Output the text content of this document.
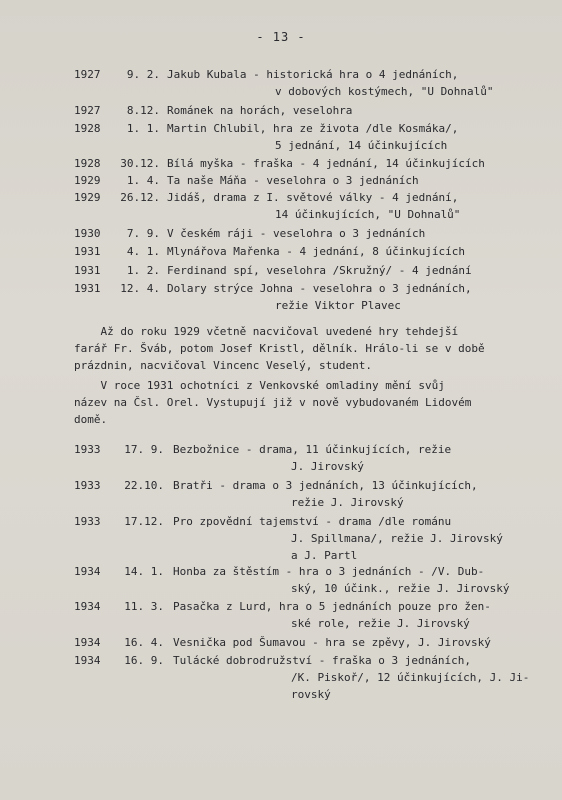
- 13 -
1927	9. 2. Jakub Kubala - historická hra o 4 jednáních,
v dobových kostýmech, "U Dohnalů"
1927	8.12. Románek na horách, veselohra
1928	1. 1. Martin Chlubil, hra ze života /dle Kosmáka/,
5 jednání, 14 účinkujících
1928	30.12. Bílá myška - fraška - 4 jednání, 14 účinkujících
1929	1. 4. Ta naše Máňa - veselohra o 3 jednáních
1929	26.12. Jidáš, drama z I. světové války - 4 jednání,
14 účinkujících, "U Dohnalů"
1930	7. 9. V českém ráji - veselohra o 3 jednáních
1931	4. 1. Mlynářova Mařenka - 4 jednání, 8 účinkujících
1931	1. 2. Ferdinand spí, veselohra /Skružný/ - 4 jednání
1931	12. 4. Dolary strýce Johna - veselohra o 3 jednáních,
režie Viktor Plavec
Až do roku 1929 včetně nacvičoval uvedené hry tehdejší
farář Fr. Šváb, potom Josef Kristl, dělník. Hrálo-li se v době
prázdnin, nacvičoval Vincenc Veselý, student.
V roce 1931 ochotníci z Venkovské omladiny mění svůj
název na Čsl. Orel. Vystupují již v nově vybudovaném Lidovém
domě.
1933	17. 9. Bezbožnice - drama, 11 účinkujících, režie
J. Jirovský
1933	22.10. Bratři - drama o 3 jednáních, 13 účinkujících,
režie J. Jirovský
1933	17.12. Pro zpovědní tajemství - drama /dle románu
J. Spillmana/, režie J. Jirovský
a J. Partl
1934	14. 1. Honba za štěstím - hra o 3 jednáních - /V. Dub-
ský, 10 účink., režie J. Jirovský
1934	11. 3. Pasačka z Lurd, hra o 5 jednáních pouze pro žen-
ské role, režie J. Jirovský
1934	16. 4. Vesnička pod Šumavou - hra se zpěvy, J. Jirovský
1934	16. 9. Tulácké dobrodružství - fraška o 3 jednáních,
/K. Piskoř/, 12 účinkujících, J. Ji-
rovský
